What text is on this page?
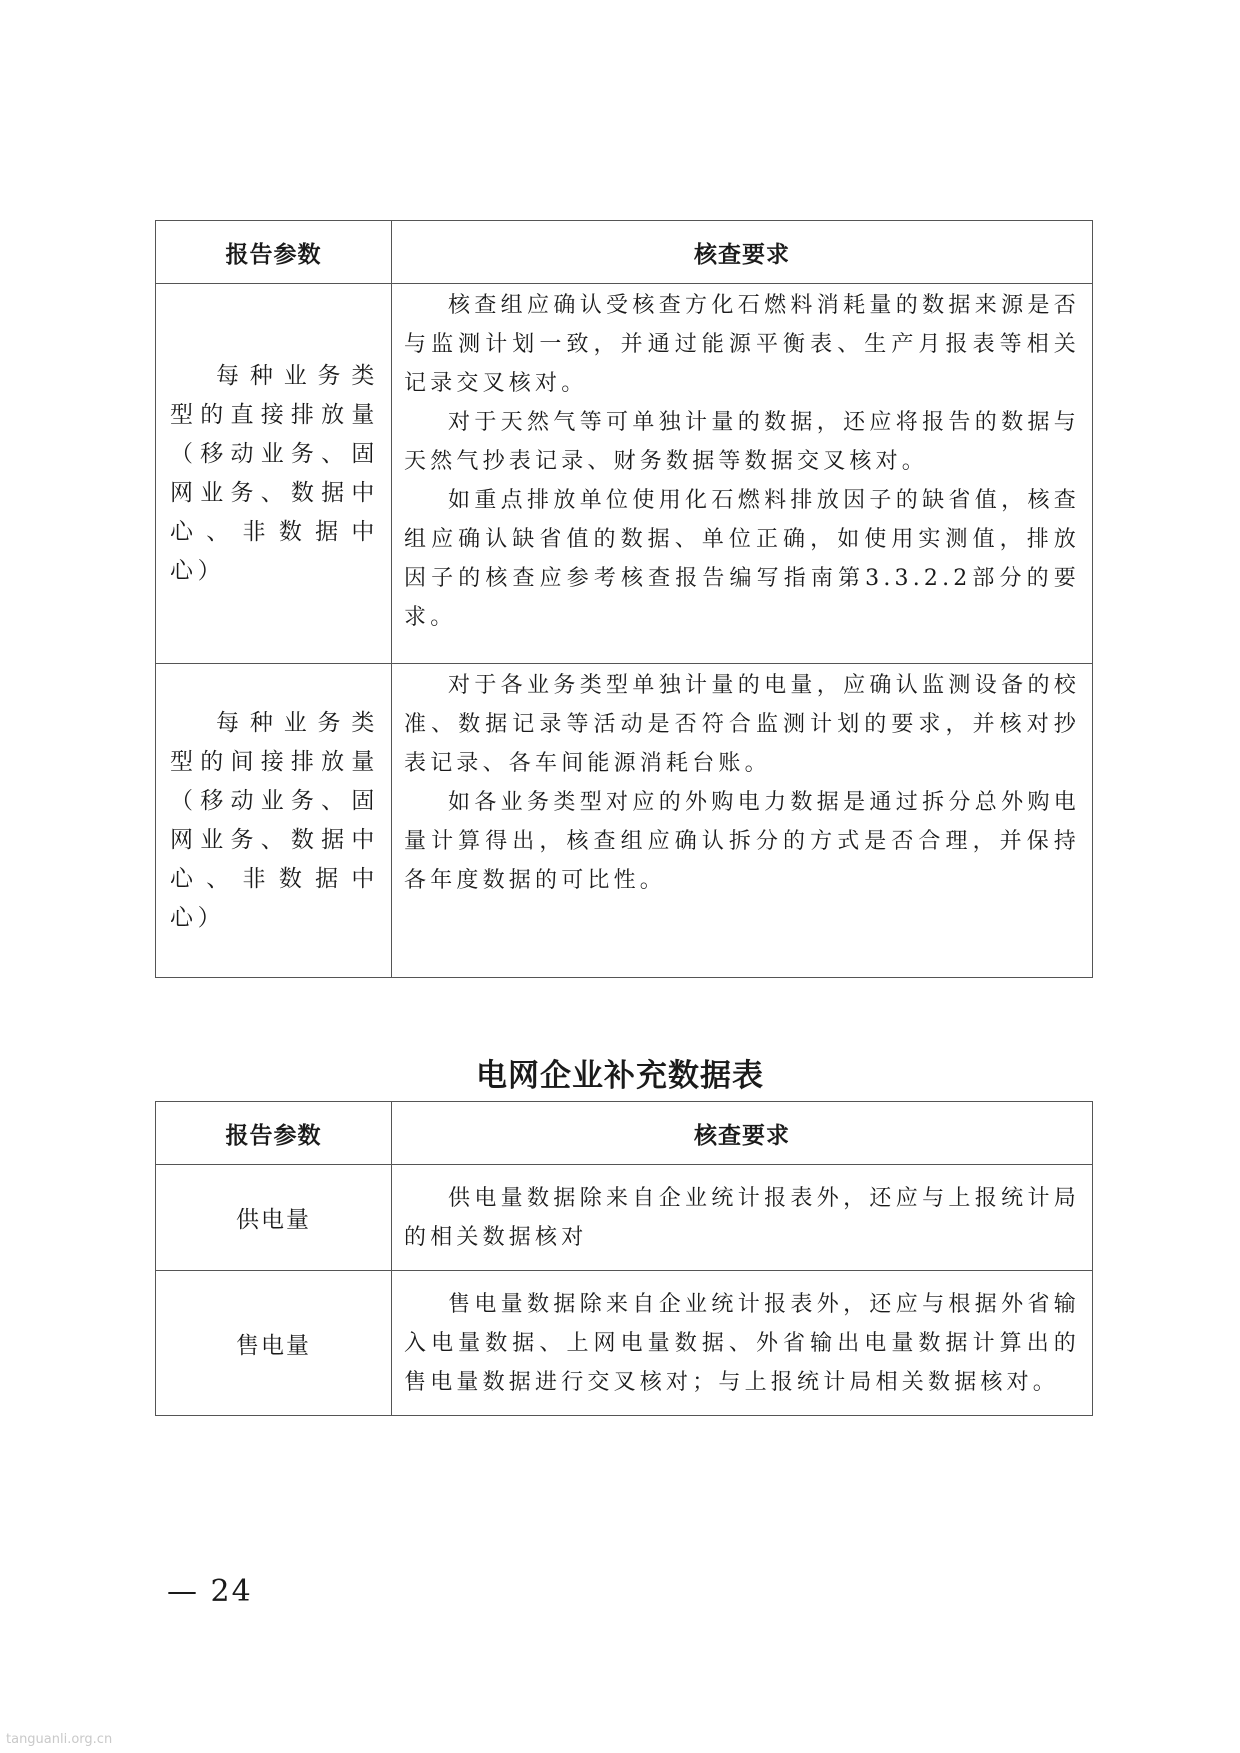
报告参数	核查要求

每种业务类型的直接排放量（移动业务、固网业务、数据中心、非数据中心）	核查组应确认受核查方化石燃料消耗量的数据来源是否与监测计划一致，并通过能源平衡表、生产月报表等相关记录交叉核对。

对于天然气等可单独计量的数据，还应将报告的数据与天然气抄表记录、财务数据等数据交叉核对。

如重点排放单位使用化石燃料排放因子的缺省值，核查组应确认缺省值的数据、单位正确，如使用实测值，排放因子的核查应参考核查报告编写指南第3.3.2.2部分的要求。

每种业务类型的间接排放量（移动业务、固网业务、数据中心、非数据中心）	对于各业务类型单独计量的电量，应确认监测设备的校准、数据记录等活动是否符合监测计划的要求，并核对抄表记录、各车间能源消耗台账。

如各业务类型对应的外购电力数据是通过拆分总外购电量计算得出，核查组应确认拆分的方式是否合理，并保持各年度数据的可比性。

电网企业补充数据表
报告参数	核查要求
供电量	供电量数据除来自企业统计报表外，还应与上报统计局的相关数据核对

售电量	售电量数据除来自企业统计报表外，还应与根据外省输入电量数据、上网电量数据、外省输出电量数据计算出的售电量数据进行交叉核对；与上报统计局相关数据核对。

— 24
tanguanli.org.cn
